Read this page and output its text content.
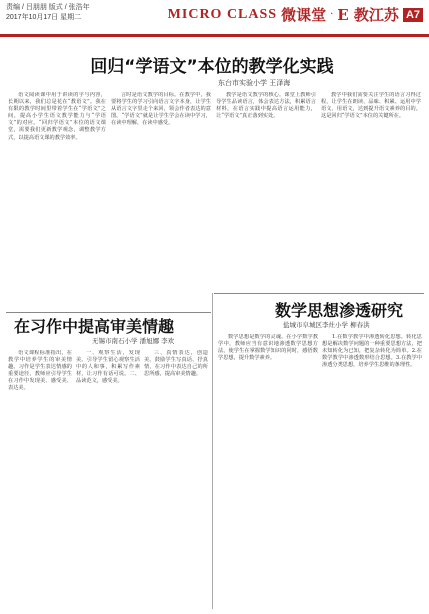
责编 / 吕朋朋 版式 / 张浩年
2017年10月17日 星期二	MICRO CLASS 微课堂 · E 教江苏 A7
回归“学语文”本位的教学化实践
东台市实验小学 王泽海

语文阅读课中用于讲读的字与内容，长期以来，我们总是花在“教语文”。我在有限的教学时间里带着学生在“学语文”之间，提高小学生语文教学能力与“学语文”的对应。“回归学语文”本位的语文课堂，需要我们更新教学观念，调整教学方式，以提高语文课的教学效率。

言时是语文教学的目标。在教学中，我要将学生的学习引向语言文字本身，让学生从语言文字里走个来回，领会作者表达的意图。“学语文”就是让学生学会在读中学习，在读中理解，在读中感受。

教学是语文教学的核心。课堂上教师引导学生品读语言，体会表达方法，积累语言材料，在语言实践中提高语言运用能力，让“学语文”真正落到实处。

教学中我们需要关注学生的语言习得过程，让学生在朗读、品味、积累、运用中学语文、用语文，达到提升语文素养的目的。这是回归“学语文”本位的关键所在。

数学思想渗透研究
盐城市阜城区李灶小学 柳春洪

数学思想是数学的灵魂。在小学数学教学中，教师应当有意识地渗透数学思想方法，使学生在掌握数学知识的同时，感悟数学思想，提升数学素养。

1.在数学教学中渗透转化思想。转化思想是解决数学问题的一种重要思想方法，把未知转化为已知，把复杂转化为简单。2.在数学教学中渗透数形结合思想。3.在教学中渗透分类思想，培养学生思维的条理性。

在习作中提高审美情趣
无锡市南石小学 潘旭娜 李欢

语文课程标准指出，在教学中培养学生的审美情趣。习作是学生表达情感的重要途径，教师应引导学生在习作中发现美、感受美、表达美。

一、观察生活，发现美。引导学生留心观察生活中的人和事，积累写作素材，让习作有话可说。二、品读范文，感受美。

三、真情表达，创造美。鼓励学生写真话、抒真情，在习作中表达自己的所思所感，提高审美情趣。
